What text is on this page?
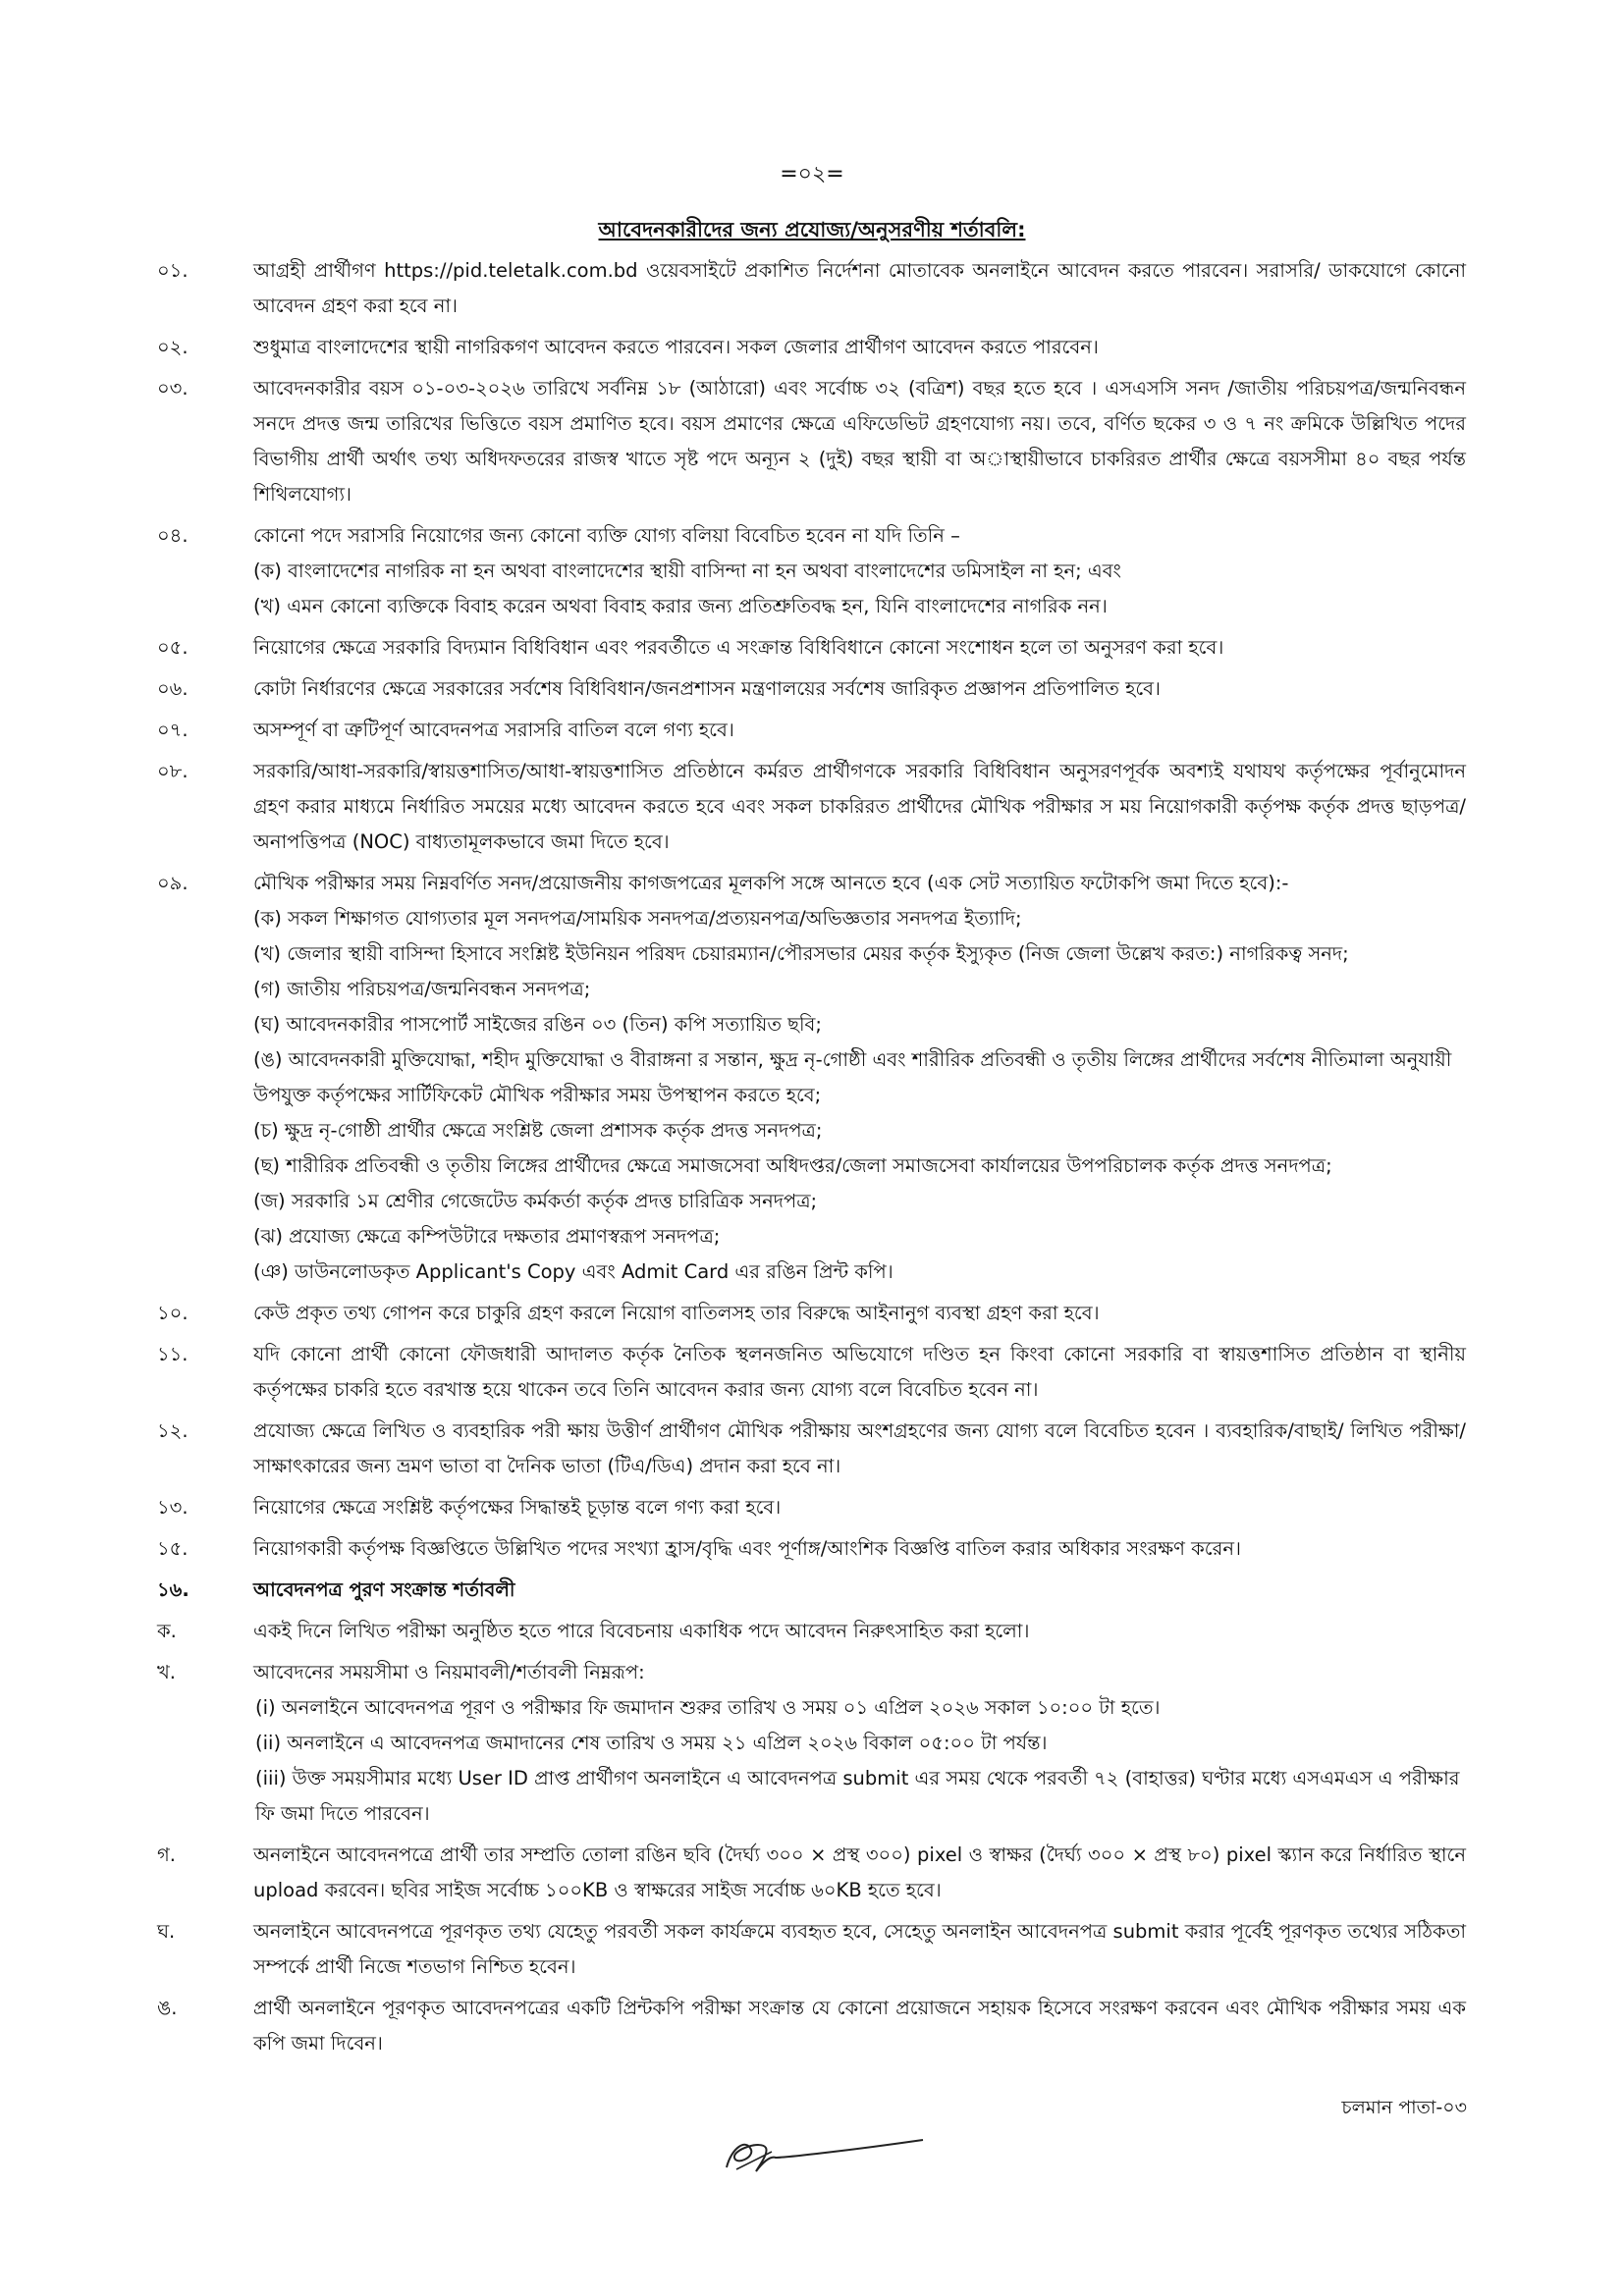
=০২=
আবেদনকারীদের জন্য প্রযোজ্য/অনুসরণীয় শর্তাবলি:
০১.	আগ্রহী প্রার্থীগণ https://pid.teletalk.com.bd ওয়েবসাইটে প্রকাশিত নির্দেশনা মোতাবেক অনলাইনে আবেদন করতে পারবেন। সরাসরি/ ডাকযোগে কোনো আবেদন গ্রহণ করা হবে না।
০২.	শুধুমাত্র বাংলাদেশের স্থায়ী নাগরিকগণ আবেদন করতে পারবেন। সকল জেলার প্রার্থীগণ আবেদন করতে পারবেন।
০৩.	আবেদনকারীর বয়স ০১-০৩-২০২৬ তারিখে সর্বনিম্ন ১৮ (আঠারো) এবং সর্বোচ্চ ৩২ (বত্রিশ) বছর হতে হবে । এসএসসি সনদ /জাতীয় পরিচয়পত্র/জন্মনিবন্ধন সনদে প্রদত্ত জন্ম তারিখের ভিত্তিতে বয়স প্রমাণিত হবে। বয়স প্রমাণের ক্ষেত্রে এফিডেভিট গ্রহণযোগ্য নয়। তবে, বর্ণিত ছকের ৩ ও ৭ নং ক্রমিকে উল্লিখিত পদের বিভাগীয় প্রার্থী অর্থাৎ তথ্য অধিদফতরের রাজস্ব খাতে সৃষ্ট পদে অন্যূন ২ (দুই) বছর স্থায়ী বা অাস্থায়ীভাবে চাকরিরত প্রার্থীর ক্ষেত্রে বয়সসীমা ৪০ বছর পর্যন্ত শিথিলযোগ্য।
০৪.	কোনো পদে সরাসরি নিয়োগের জন্য কোনো ব্যক্তি যোগ্য বলিয়া বিবেচিত হবেন না যদি তিনি –
(ক) বাংলাদেশের নাগরিক না হন অথবা বাংলাদেশের স্থায়ী বাসিন্দা না হন অথবা বাংলাদেশের ডমিসাইল না হন; এবং
(খ) এমন কোনো ব্যক্তিকে বিবাহ করেন অথবা বিবাহ করার জন্য প্রতিশ্রুতিবদ্ধ হন, যিনি বাংলাদেশের নাগরিক নন।
০৫.	নিয়োগের ক্ষেত্রে সরকারি বিদ্যমান বিধিবিধান এবং পরবর্তীতে এ সংক্রান্ত বিধিবিধানে কোনো সংশোধন হলে তা অনুসরণ করা হবে।
০৬.	কোটা নির্ধারণের ক্ষেত্রে সরকারের সর্বশেষ বিধিবিধান/জনপ্রশাসন মন্ত্রণালয়ের সর্বশেষ জারিকৃত প্রজ্ঞাপন প্রতিপালিত হবে।
০৭.	অসম্পূর্ণ বা ত্রুটিপূর্ণ আবেদনপত্র সরাসরি বাতিল বলে গণ্য হবে।
০৮.	সরকারি/আধা-সরকারি/স্বায়ত্তশাসিত/আধা-স্বায়ত্তশাসিত প্রতিষ্ঠানে কর্মরত প্রার্থীগণকে সরকারি বিধিবিধান অনুসরণপূর্বক অবশ্যই যথাযথ কর্তৃপক্ষের পূর্বানুমোদন গ্রহণ করার মাধ্যমে নির্ধারিত সময়ের মধ্যে আবেদন করতে হবে এবং সকল চাকরিরত প্রার্থীদের মৌখিক পরীক্ষার স ময় নিয়োগকারী কর্তৃপক্ষ কর্তৃক প্রদত্ত ছাড়পত্র/অনাপত্তিপত্র (NOC) বাধ্যতামূলকভাবে জমা দিতে হবে।
০৯.	মৌখিক পরীক্ষার সময় নিম্নবর্ণিত সনদ/প্রয়োজনীয় কাগজপত্রের মূলকপি সঙ্গে আনতে হবে (এক সেট সত্যায়িত ফটোকপি জমা দিতে হবে):-
(ক) সকল শিক্ষাগত যোগ্যতার মূল সনদপত্র/সাময়িক সনদপত্র/প্রত্যয়নপত্র/অভিজ্ঞতার সনদপত্র ইত্যাদি;
(খ) জেলার স্থায়ী বাসিন্দা হিসাবে সংশ্লিষ্ট ইউনিয়ন পরিষদ চেয়ারম্যান/পৌরসভার মেয়র কর্তৃক ইস্যুকৃত (নিজ জেলা উল্লেখ করত:) নাগরিকত্ব সনদ;
(গ) জাতীয় পরিচয়পত্র/জন্মনিবন্ধন সনদপত্র;
(ঘ) আবেদনকারীর পাসপোর্ট সাইজের রঙিন ০৩ (তিন) কপি সত্যায়িত ছবি;
(ঙ) আবেদনকারী মুক্তিযোদ্ধা, শহীদ মুক্তিযোদ্ধা ও বীরাঙ্গনা র সন্তান, ক্ষুদ্র নৃ-গোষ্ঠী এবং শারীরিক প্রতিবন্ধী ও তৃতীয় লিঙ্গের প্রার্থীদের সর্বশেষ নীতিমালা অনুযায়ী উপযুক্ত কর্তৃপক্ষের সার্টিফিকেট মৌখিক পরীক্ষার সময় উপস্থাপন করতে হবে;
(চ) ক্ষুদ্র নৃ-গোষ্ঠী প্রার্থীর ক্ষেত্রে সংশ্লিষ্ট জেলা প্রশাসক কর্তৃক প্রদত্ত সনদপত্র;
(ছ) শারীরিক প্রতিবন্ধী ও তৃতীয় লিঙ্গের প্রার্থীদের ক্ষেত্রে সমাজসেবা অধিদপ্তর/জেলা সমাজসেবা কার্যালয়ের উপপরিচালক কর্তৃক প্রদত্ত সনদপত্র;
(জ) সরকারি ১ম শ্রেণীর গেজেটেড কর্মকর্তা কর্তৃক প্রদত্ত চারিত্রিক সনদপত্র;
(ঝ) প্রযোজ্য ক্ষেত্রে কম্পিউটারে দক্ষতার প্রমাণস্বরূপ সনদপত্র;
(ঞ) ডাউনলোডকৃত Applicant's Copy এবং Admit Card এর রঙিন প্রিন্ট কপি।
১০.	কেউ প্রকৃত তথ্য গোপন করে চাকুরি গ্রহণ করলে নিয়োগ বাতিলসহ তার বিরুদ্ধে আইনানুগ ব্যবস্থা গ্রহণ করা হবে।
১১.	যদি কোনো প্রার্থী কোনো ফৌজধারী আদালত কর্তৃক নৈতিক স্থলনজনিত অভিযোগে দণ্ডিত হন কিংবা কোনো সরকারি বা স্বায়ত্তশাসিত প্রতিষ্ঠান বা স্থানীয় কর্তৃপক্ষের চাকরি হতে বরখাস্ত হয়ে থাকেন তবে তিনি আবেদন করার জন্য যোগ্য বলে বিবেচিত হবেন না।
১২.	প্রযোজ্য ক্ষেত্রে লিখিত ও ব্যবহারিক পরী ক্ষায় উত্তীর্ণ প্রার্থীগণ মৌখিক পরীক্ষায় অংশগ্রহণের জন্য যোগ্য বলে বিবেচিত হবেন । ব্যবহারিক/বাছাই/ লিখিত পরীক্ষা/সাক্ষাৎকারের জন্য ভ্রমণ ভাতা বা দৈনিক ভাতা (টিএ/ডিএ) প্রদান করা হবে না।
১৩.	নিয়োগের ক্ষেত্রে সংশ্লিষ্ট কর্তৃপক্ষের সিদ্ধান্তই চূড়ান্ত বলে গণ্য করা হবে।
১৫.	নিয়োগকারী কর্তৃপক্ষ বিজ্ঞপ্তিতে উল্লিখিত পদের সংখ্যা হ্রাস/বৃদ্ধি এবং পূর্ণাঙ্গ/আংশিক বিজ্ঞপ্তি বাতিল করার অধিকার সংরক্ষণ করেন।
১৬.	আবেদনপত্র পুরণ সংক্রান্ত শর্তাবলী
ক.	একই দিনে লিখিত পরীক্ষা অনুষ্ঠিত হতে পারে বিবেচনায় একাধিক পদে আবেদন নিরুৎসাহিত করা হলো।
খ.	আবেদনের সময়সীমা ও নিয়মাবলী/শর্তাবলী নিম্নরূপ:
(i) অনলাইনে আবেদনপত্র পূরণ ও পরীক্ষার ফি জমাদান শুরুর তারিখ ও সময় ০১ এপ্রিল ২০২৬ সকাল ১০:০০ টা হতে।
(ii) অনলাইনে এ আবেদনপত্র জমাদানের শেষ তারিখ ও সময় ২১ এপ্রিল ২০২৬ বিকাল ০৫:০০ টা পর্যন্ত।
(iii) উক্ত সময়সীমার মধ্যে User ID প্রাপ্ত প্রার্থীগণ অনলাইনে এ আবেদনপত্র submit এর সময় থেকে পরবর্তী ৭২ (বাহাত্তর) ঘণ্টার মধ্যে এসএমএস এ পরীক্ষার ফি জমা দিতে পারবেন।
গ.	অনলাইনে আবেদনপত্রে প্রার্থী তার সম্প্রতি তোলা রঙিন ছবি (দৈর্ঘ্য ৩০০ × প্রস্থ ৩০০) pixel ও স্বাক্ষর (দৈর্ঘ্য ৩০০ × প্রস্থ ৮০) pixel স্ক্যান করে নির্ধারিত স্থানে upload করবেন। ছবির সাইজ সর্বোচ্চ ১০০KB ও স্বাক্ষরের সাইজ সর্বোচ্চ ৬০KB হতে হবে।
ঘ.	অনলাইনে আবেদনপত্রে পূরণকৃত তথ্য যেহেতু পরবর্তী সকল কার্যক্রমে ব্যবহৃত হবে, সেহেতু অনলাইন আবেদনপত্র submit করার পূর্বেই পূরণকৃত তথ্যের সঠিকতা সম্পর্কে প্রার্থী নিজে শতভাগ নিশ্চিত হবেন।
ঙ.	প্রার্থী অনলাইনে পূরণকৃত আবেদনপত্রের একটি প্রিন্টকপি পরীক্ষা সংক্রান্ত যে কোনো প্রয়োজনে সহায়ক হিসেবে সংরক্ষণ করবেন এবং মৌখিক পরীক্ষার সময় এক কপি জমা দিবেন।
চলমান পাতা-০৩
